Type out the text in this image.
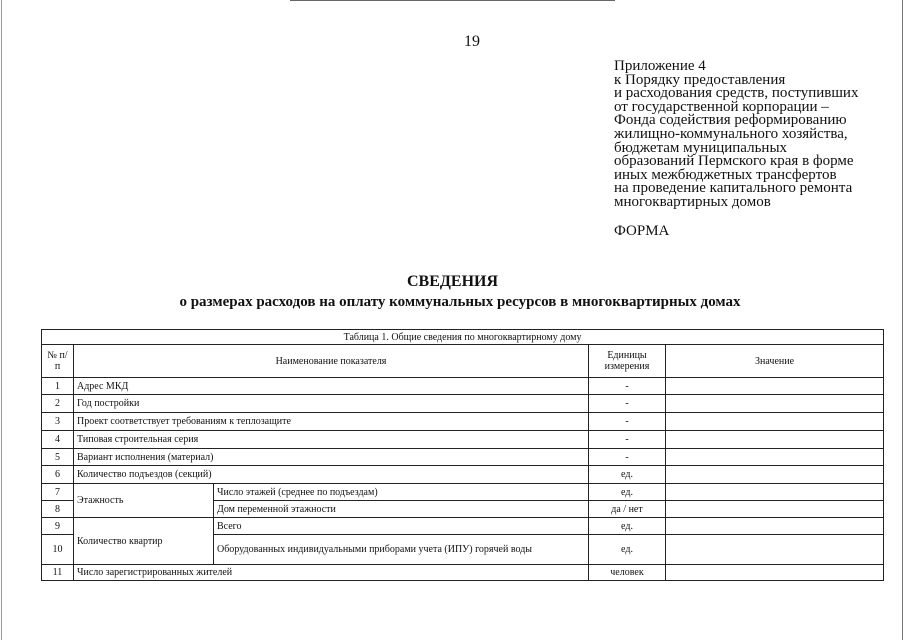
19
Приложение 4
к Порядку предоставления
и расходования средств, поступивших
от государственной корпорации –
Фонда содействия реформированию
жилищно-коммунального хозяйства,
бюджетам муниципальных
образований Пермского края в форме
иных межбюджетных трансфертов
на проведение капитального ремонта
многоквартирных домов
ФОРМА
СВЕДЕНИЯ
о размерах расходов на оплату коммунальных ресурсов в многоквартирных домах
Таблица 1. Общие сведения по многоквартирному дому				
№ п/п	Наименование показателя		Единицы измерения	Значение
1	Адрес МКД		-	
2	Год постройки		-	
3	Проект соответствует требованиям к теплозащите		-	
4	Типовая строительная серия		-	
5	Вариант исполнения (материал)		-	
6	Количество подъездов (секций)		ед.	
7	Этажность	Число этажей (среднее по подъездам)	ед.	
8		Дом переменной этажности	да / нет	
9	Количество квартир	Всего	ед.	
10		Оборудованных индивидуальными приборами учета (ИПУ) горячей воды	ед.	
11	Число зарегистрированных жителей		человек	
